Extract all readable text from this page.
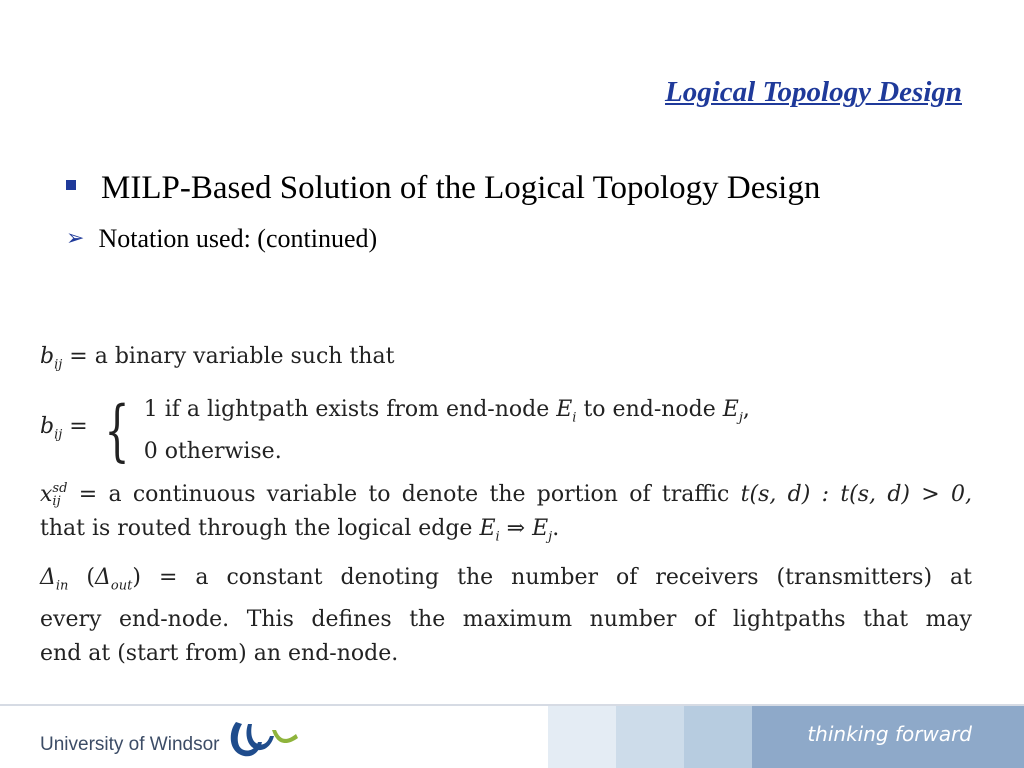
Logical Topology Design
MILP-Based Solution of the Logical Topology Design
➢ Notation used: (continued)
$b_{ij} = a$ binary variable such that
$b_{ij}$ = { 1 if a lightpath exists from end-node $E_i$ to end-node $E_j$,
0 otherwise.
x sd
ij = a continuous variable to denote the portion of traffic t(s, d) : t(s, d) > 0,
that is routed through the logical edge $E_i$ ⇒ $E_j$.
$\Delta_{in}$ $(\Delta_{out}) = a$ constant denoting the number of receivers (transmitters) at
every end-node. This defines the maximum number of lightpaths that may
end at (start from) an end-node.
University of Windsor	thinking forward
